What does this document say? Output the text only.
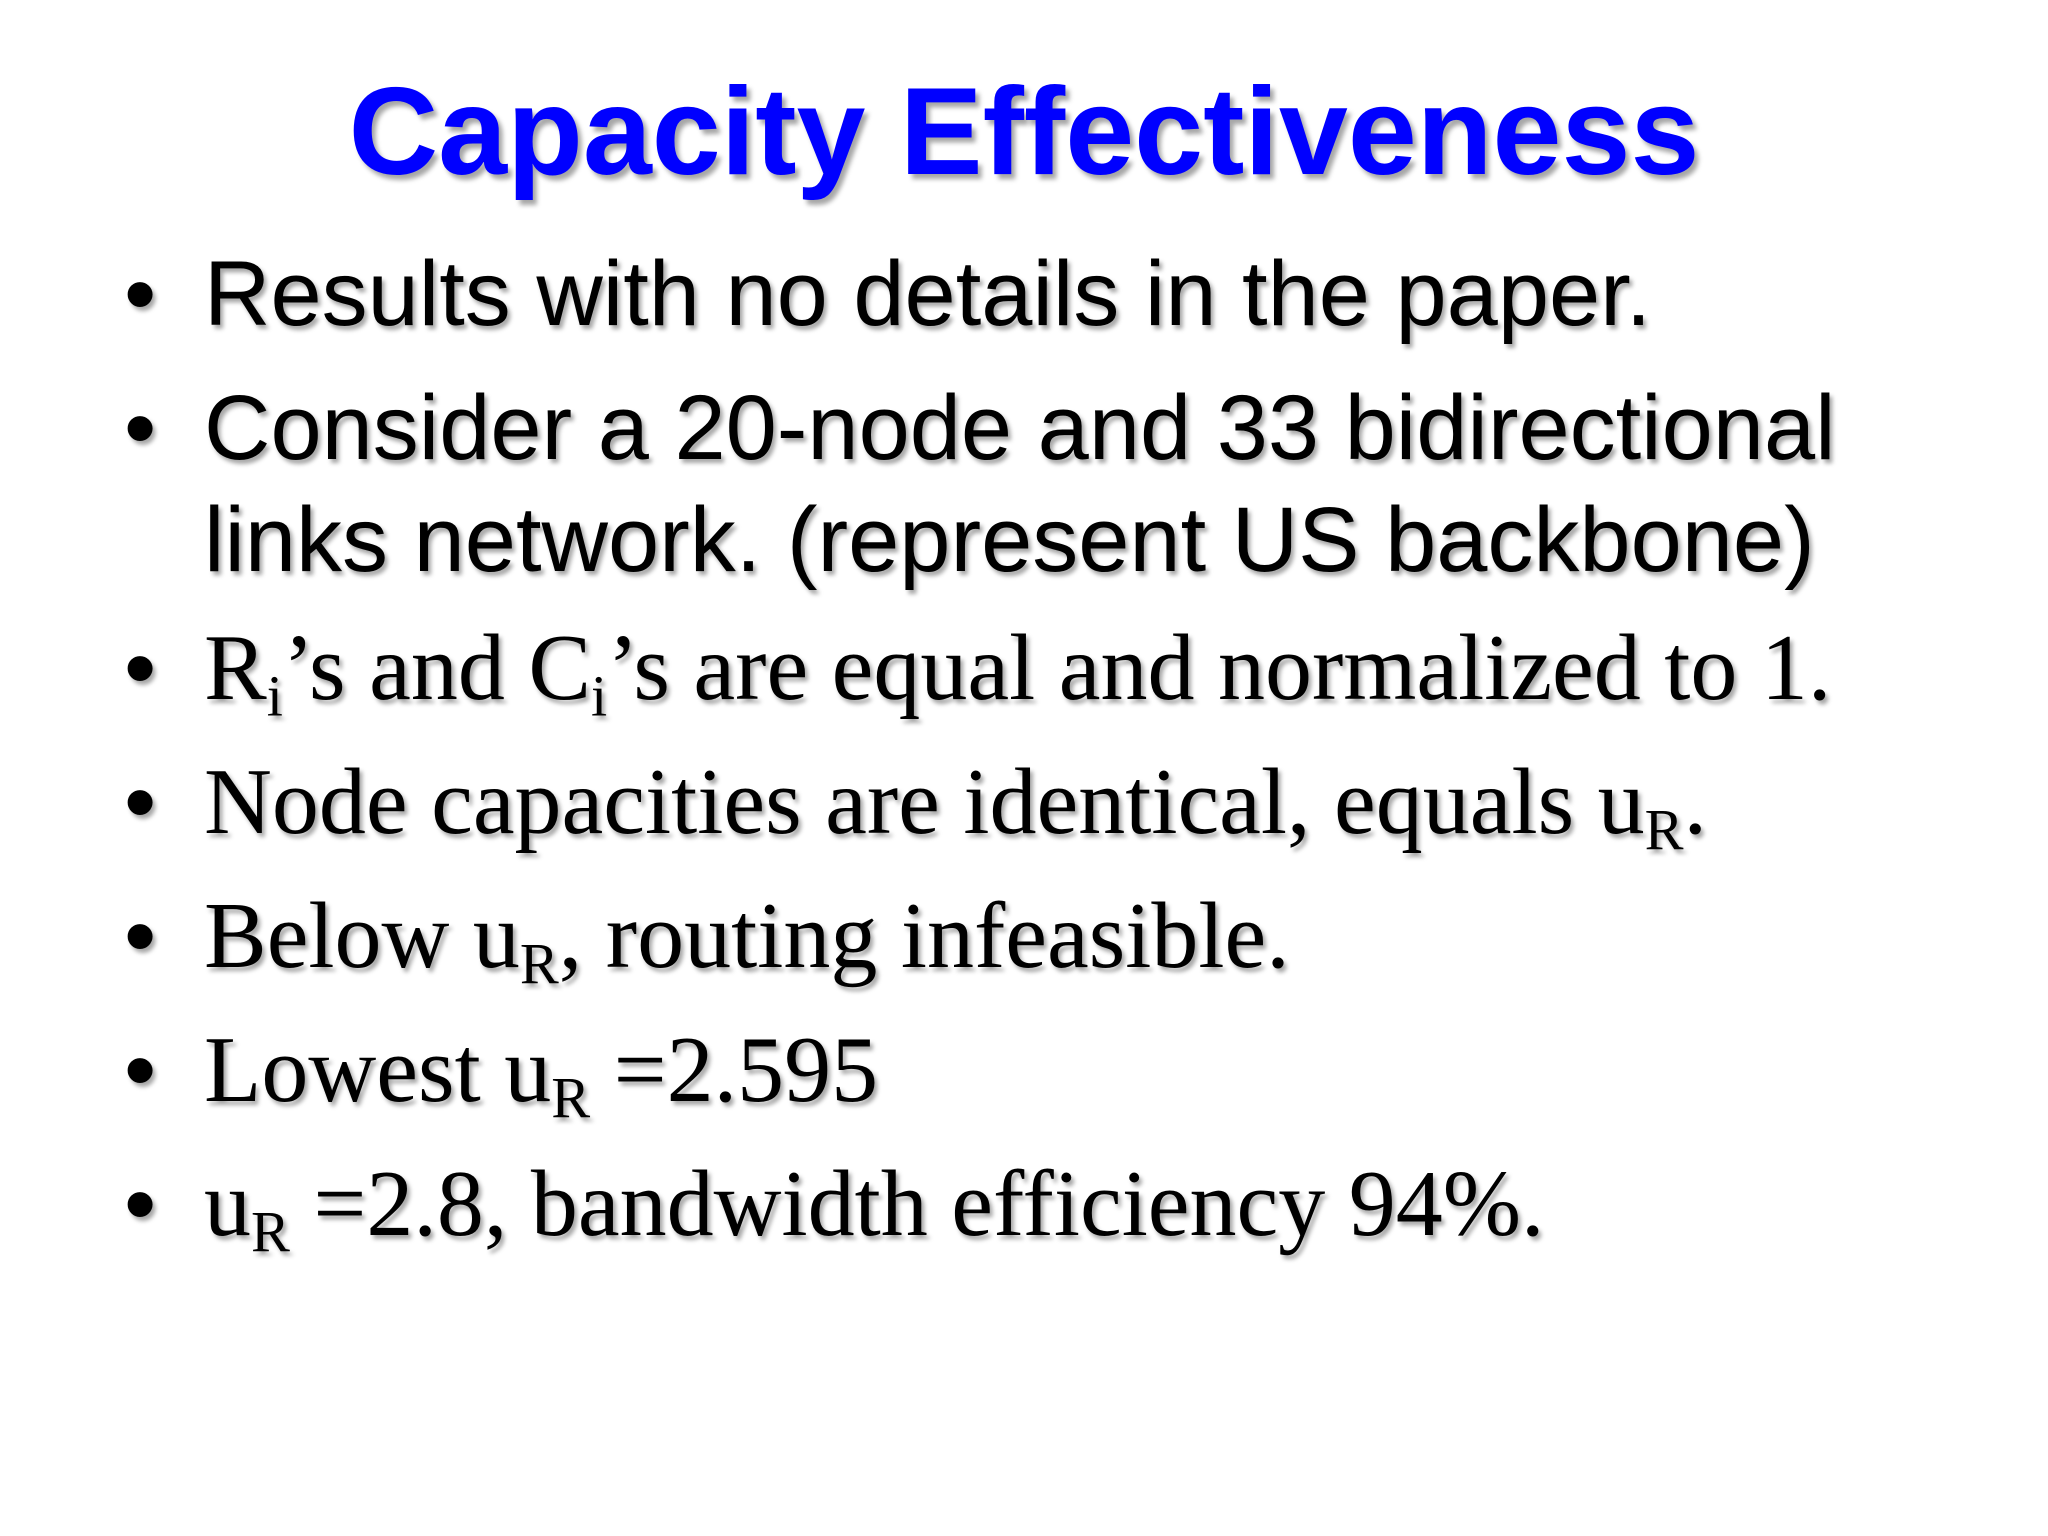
Capacity Effectiveness
• Results with no details in the paper.
• Consider a 20-node and 33 bidirectional
links network. (represent US backbone)
• $R_i’s$ and $C_i’s$ are equal and normalized to 1.
• Node capacities are identical, equals $u_R$.
• Below $u_R$, routing infeasible.
• Lowest $u_R =2.595$
• $u_R =2.8$, bandwidth efficiency 94%.
